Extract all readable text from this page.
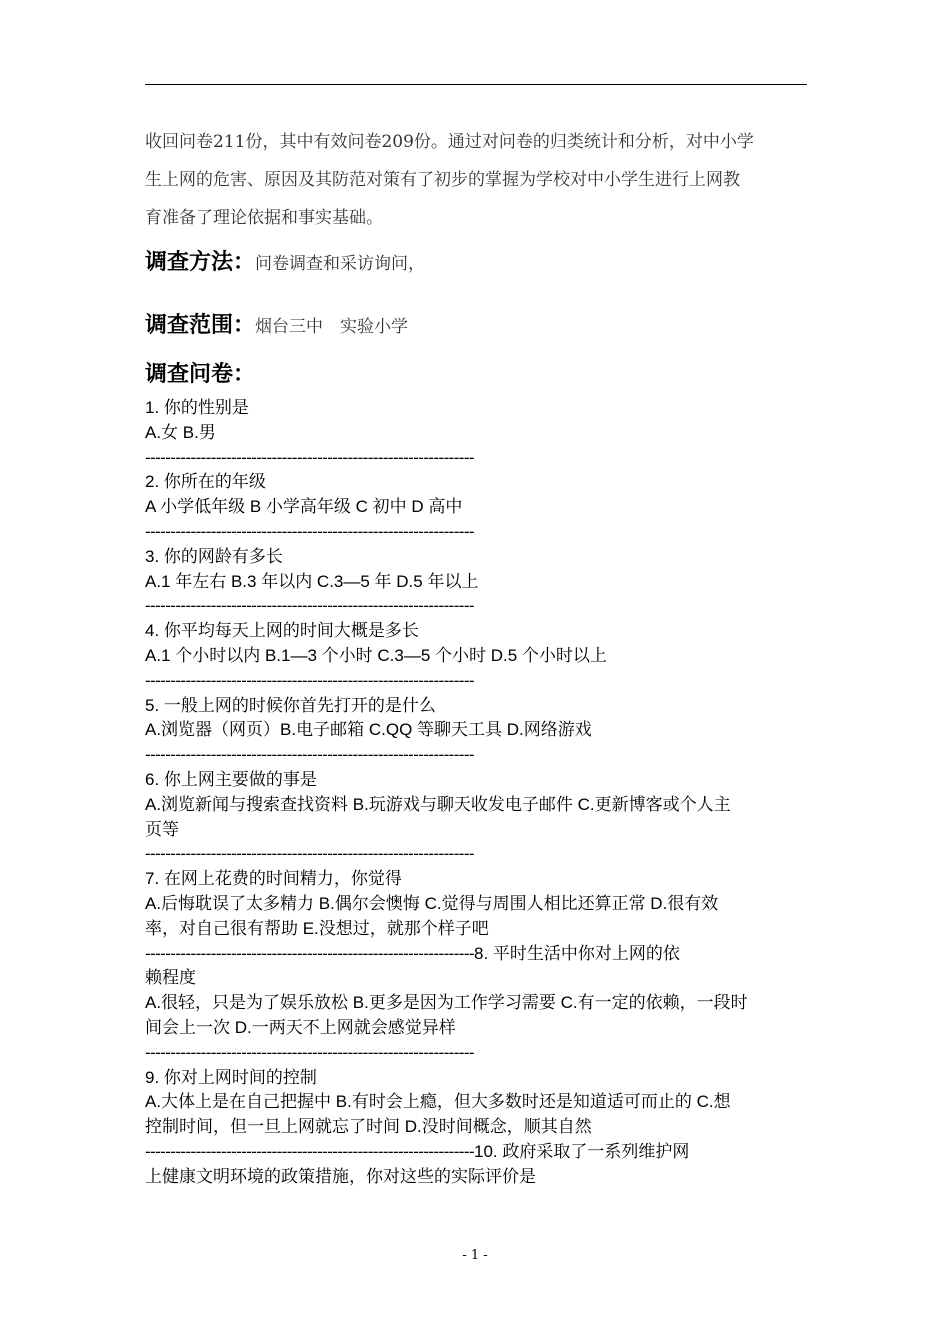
收回问卷211份，其中有效问卷209份。通过对问卷的归类统计和分析，对中小学
生上网的危害、原因及其防范对策有了初步的掌握为学校对中小学生进行上网教
育准备了理论依据和事实基础。
调查方法：问卷调查和采访询问，
调查范围：烟台三中　实验小学
调查问卷：
1. 你的性别是
A.女 B.男
-----------------------------------------------------------------
2. 你所在的年级
A 小学低年级 B 小学高年级 C 初中 D 高中
-----------------------------------------------------------------
3. 你的网龄有多长
A.1 年左右 B.3 年以内 C.3—5 年 D.5 年以上
-----------------------------------------------------------------
4. 你平均每天上网的时间大概是多长
A.1 个小时以内 B.1—3 个小时 C.3—5 个小时 D.5 个小时以上
-----------------------------------------------------------------
5. 一般上网的时候你首先打开的是什么
A.浏览器（网页）B.电子邮箱 C.QQ 等聊天工具 D.网络游戏
-----------------------------------------------------------------
6. 你上网主要做的事是
A.浏览新闻与搜索查找资料 B.玩游戏与聊天收发电子邮件 C.更新博客或个人主
页等
-----------------------------------------------------------------
7. 在网上花费的时间精力，你觉得
A.后悔耽误了太多精力 B.偶尔会懊悔 C.觉得与周围人相比还算正常 D.很有效
率，对自己很有帮助 E.没想过，就那个样子吧
-----------------------------------------------------------------8. 平时生活中你对上网的依
赖程度
A.很轻，只是为了娱乐放松 B.更多是因为工作学习需要 C.有一定的依赖，一段时
间会上一次 D.一两天不上网就会感觉异样
-----------------------------------------------------------------
9. 你对上网时间的控制
A.大体上是在自己把握中 B.有时会上瘾，但大多数时还是知道适可而止的 C.想
控制时间，但一旦上网就忘了时间 D.没时间概念，顺其自然
-----------------------------------------------------------------10. 政府采取了一系列维护网
上健康文明环境的政策措施，你对这些的实际评价是
- 1 -
